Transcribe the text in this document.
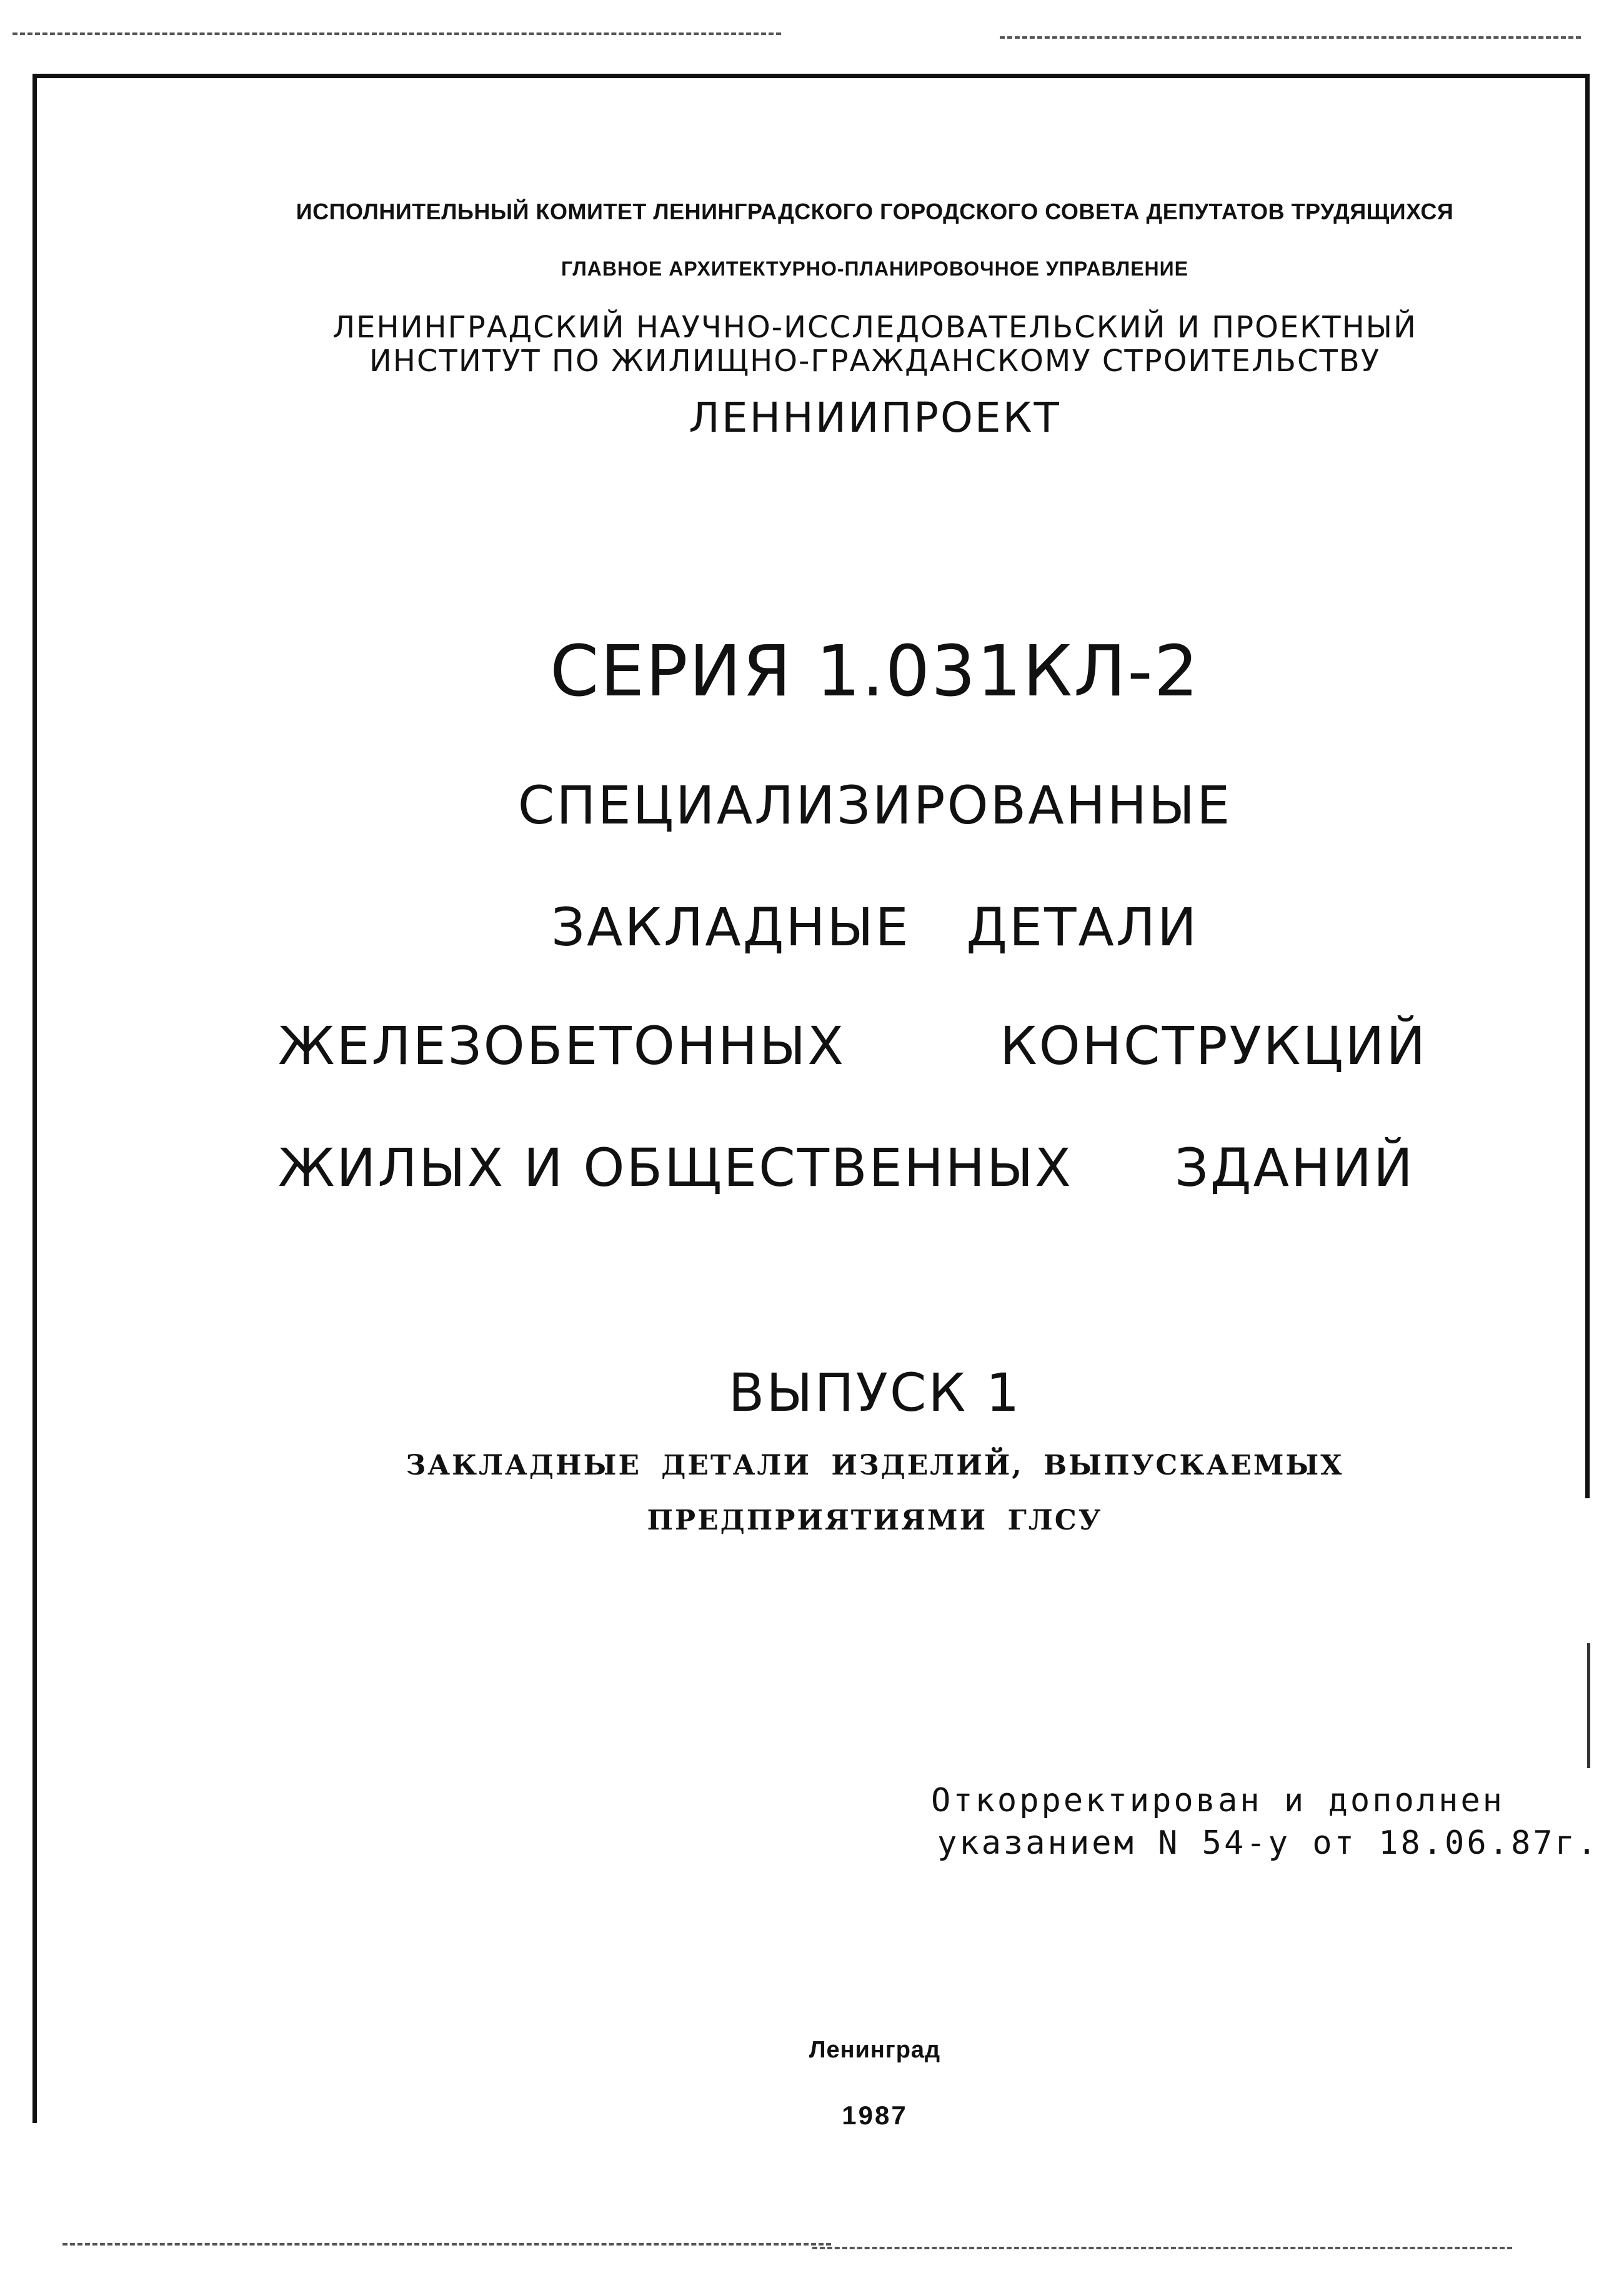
ИСПОЛНИТЕЛЬНЫЙ КОМИТЕТ ЛЕНИНГРАДСКОГО ГОРОДСКОГО СОВЕТА ДЕПУТАТОВ ТРУДЯЩИХСЯ
ГЛАВНОЕ АРХИТЕКТУРНО-ПЛАНИРОВОЧНОЕ УПРАВЛЕНИЕ
ЛЕНИНГРАДСКИЙ НАУЧНО-ИССЛЕДОВАТЕЛЬСКИЙ И ПРОЕКТНЫЙ
ИНСТИТУТ ПО ЖИЛИЩНО-ГРАЖДАНСКОМУ СТРОИТЕЛЬСТВУ
ЛЕННИИПРОЕКТ
СЕРИЯ 1.031КЛ-2
СПЕЦИАЛИЗИРОВАННЫЕ
ЗАКЛАДНЫЕ ДЕТАЛИ
ЖЕЛЕЗОБЕТОННЫХ	КОНСТРУКЦИЙ
ЖИЛЫХ И ОБЩЕСТВЕННЫХ ЗДАНИЙ
ВЫПУСК 1
ЗАКЛАДНЫЕ ДЕТАЛИ ИЗДЕЛИЙ, ВЫПУСКАЕМЫХ
ПРЕДПРИЯТИЯМИ ГЛСУ
Откорректирован и дополнен
указанием N 54-у от 18.06.87г.
Ленинград
1987
